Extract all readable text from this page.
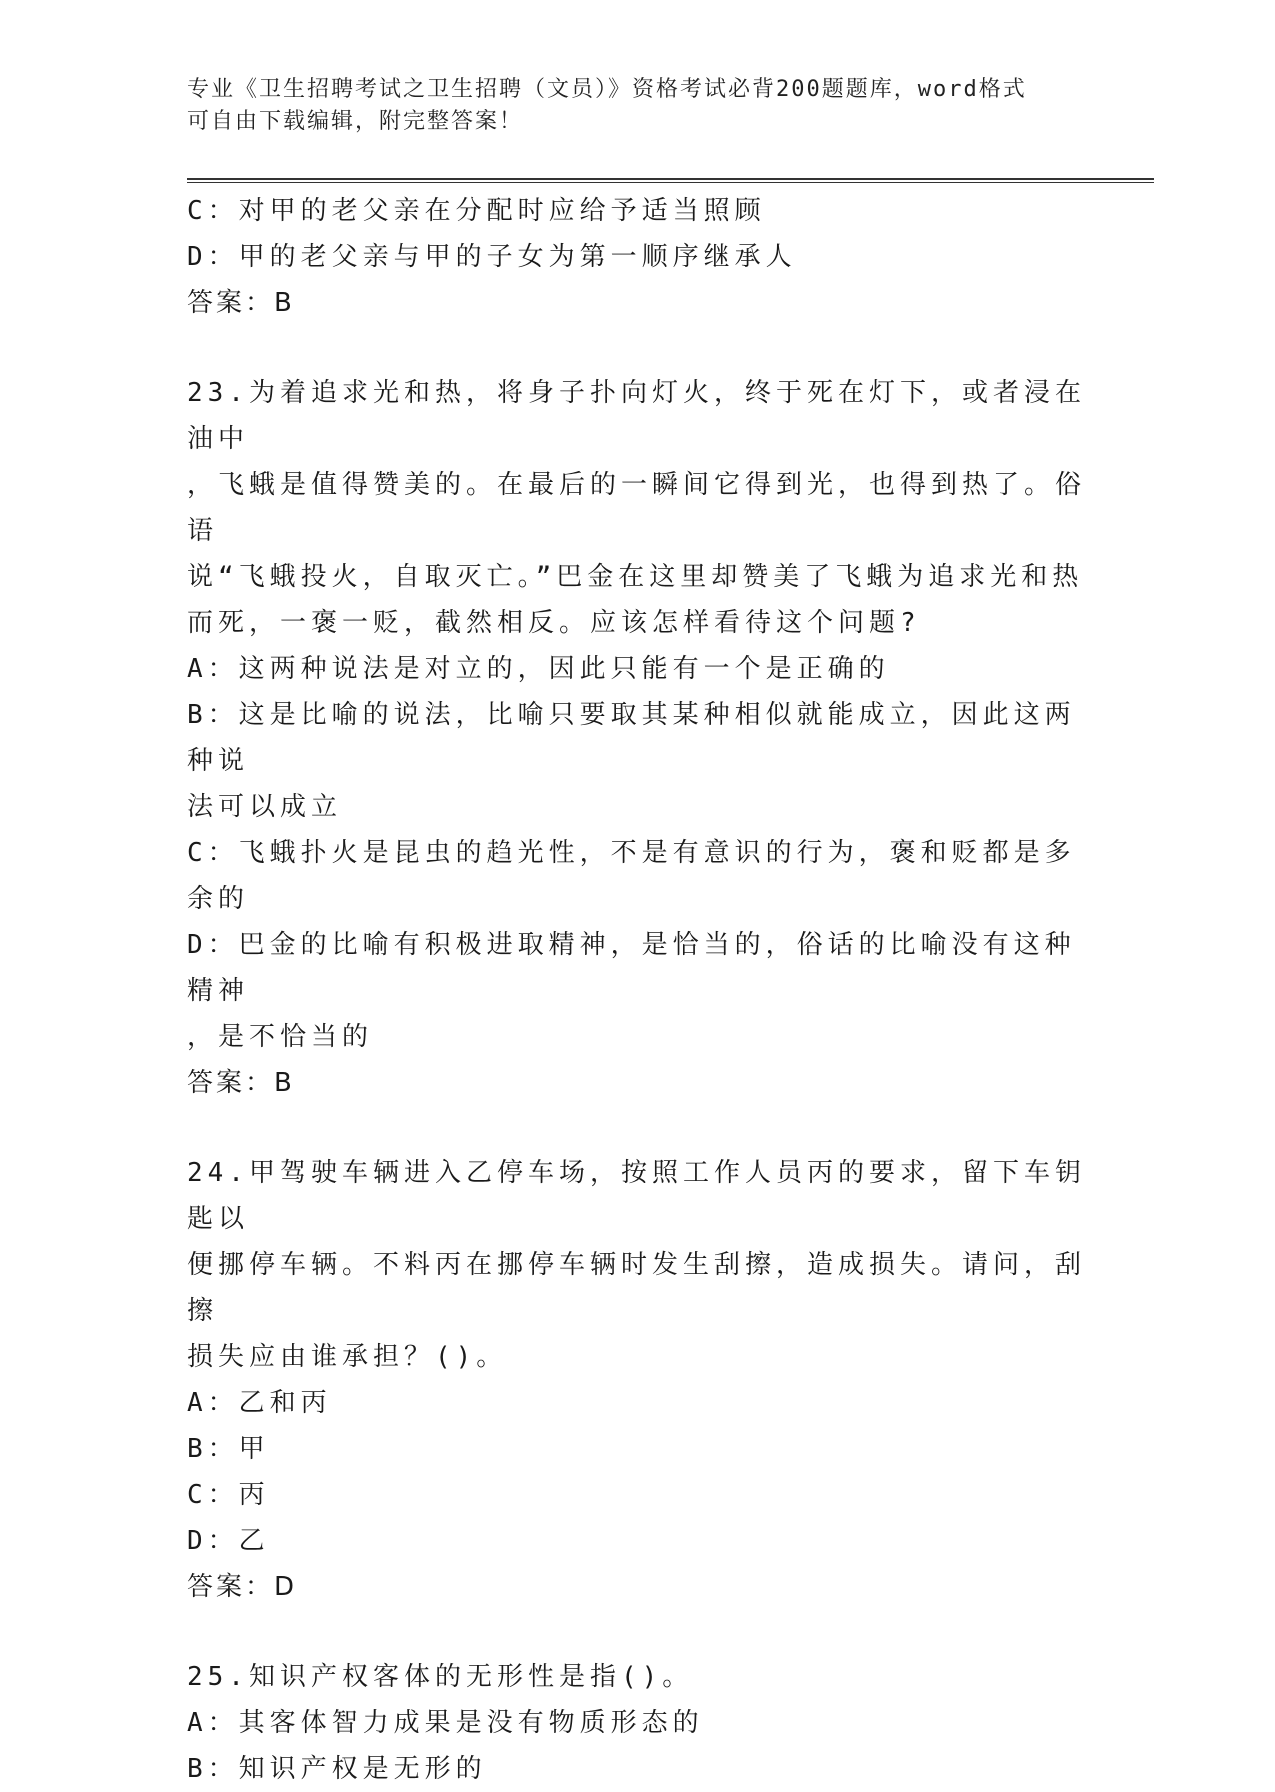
专业《卫生招聘考试之卫生招聘（文员）》资格考试必背200题题库，word格式
可自由下载编辑，附完整答案！

C：对甲的老父亲在分配时应给予适当照顾

D：甲的老父亲与甲的子女为第一顺序继承人

答案：B

23.为着追求光和热，将身子扑向灯火，终于死在灯下，或者浸在油中

，飞蛾是值得赞美的。在最后的一瞬间它得到光，也得到热了。俗语

说“飞蛾投火，自取灭亡。”巴金在这里却赞美了飞蛾为追求光和热

而死，一褒一贬，截然相反。应该怎样看待这个问题?

A：这两种说法是对立的，因此只能有一个是正确的

B：这是比喻的说法，比喻只要取其某种相似就能成立，因此这两种说

法可以成立

C：飞蛾扑火是昆虫的趋光性，不是有意识的行为，褒和贬都是多余的

D：巴金的比喻有积极进取精神，是恰当的，俗话的比喻没有这种精神

，是不恰当的

答案：B

24.甲驾驶车辆进入乙停车场，按照工作人员丙的要求，留下车钥匙以

便挪停车辆。不料丙在挪停车辆时发生刮擦，造成损失。请问，刮擦

损失应由谁承担？()。

A：乙和丙

B：甲

C：丙

D：乙

答案：D

25.知识产权客体的无形性是指()。

A：其客体智力成果是没有物质形态的

B：知识产权是无形的
